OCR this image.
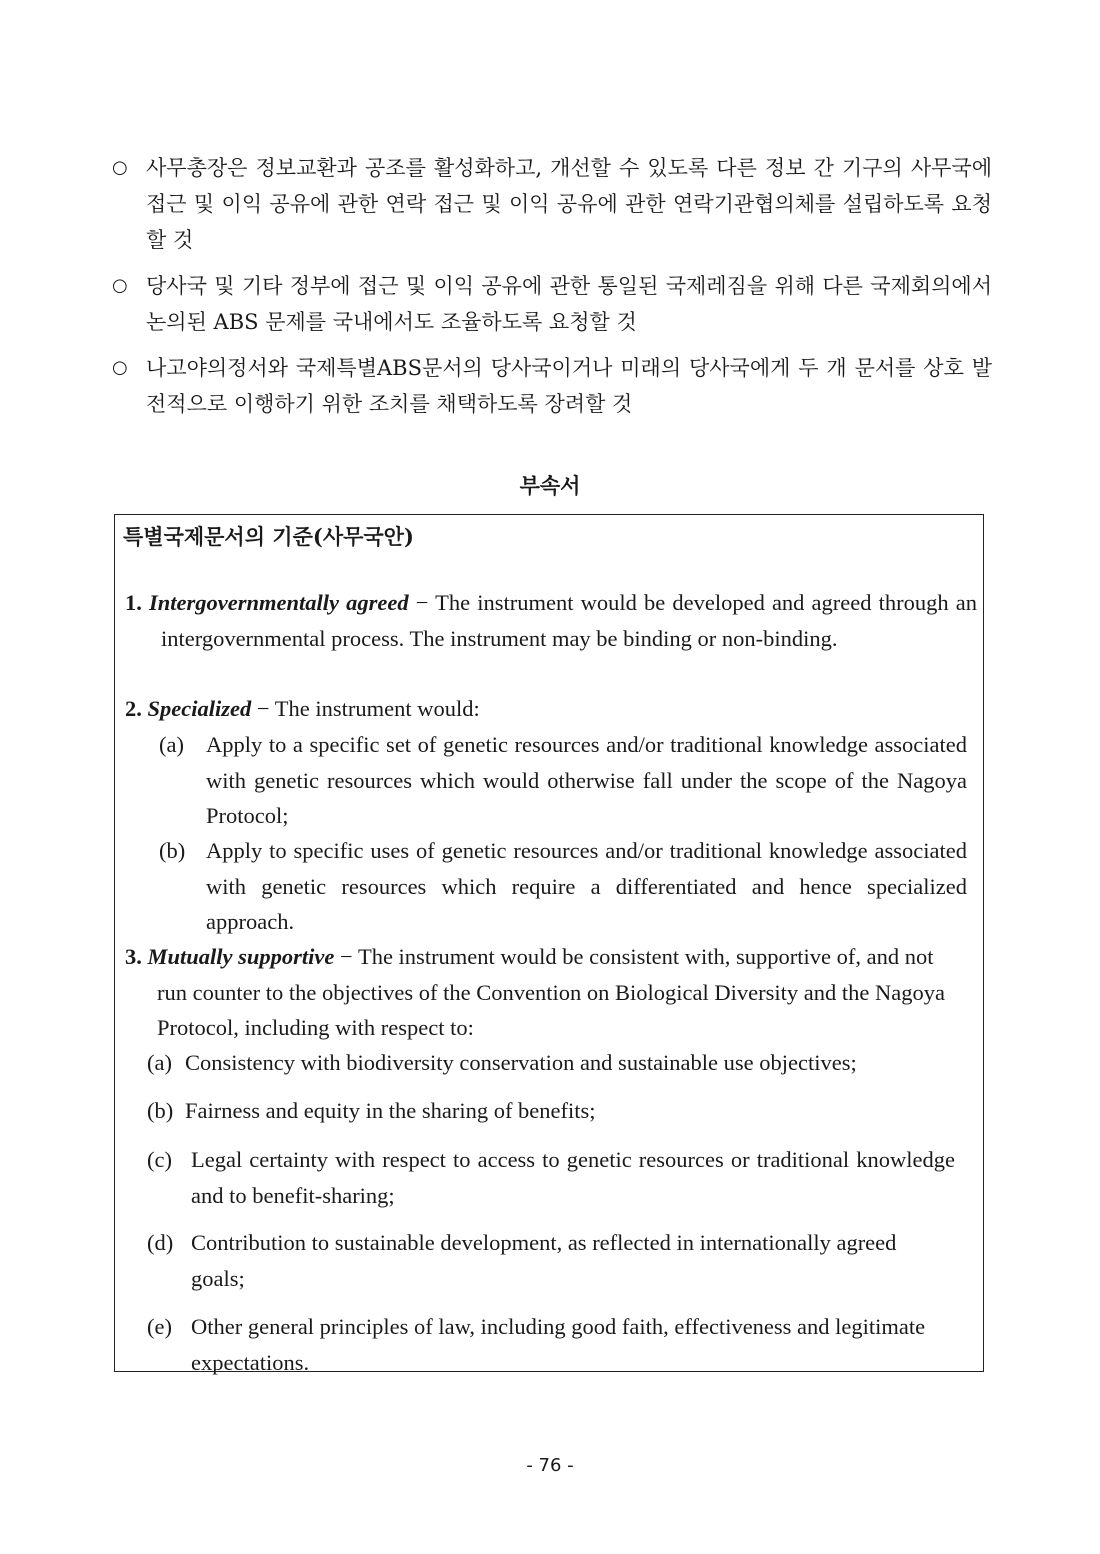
○ 사무총장은 정보교환과 공조를 활성화하고, 개선할 수 있도록 다른 정보 간 기구의 사무국에 접근 및 이익 공유에 관한 연락 접근 및 이익 공유에 관한 연락기관협의체를 설립하도록 요청할 것
○ 당사국 및 기타 정부에 접근 및 이익 공유에 관한 통일된 국제레짐을 위해 다른 국제회의에서 논의된 ABS 문제를 국내에서도 조율하도록 요청할 것
○ 나고야의정서와 국제특별ABS문서의 당사국이거나 미래의 당사국에게 두 개 문서를 상호 발전적으로 이행하기 위한 조치를 채택하도록 장려할 것
부속서
특별국제문서의 기준(사무국안)
1. Intergovernmentally agreed − The instrument would be developed and agreed through an intergovernmental process. The instrument may be binding or non-binding.
2. Specialized − The instrument would:
(a) Apply to a specific set of genetic resources and/or traditional knowledge associated with genetic resources which would otherwise fall under the scope of the Nagoya Protocol;
(b) Apply to specific uses of genetic resources and/or traditional knowledge associated with genetic resources which require a differentiated and hence specialized approach.
3. Mutually supportive − The instrument would be consistent with, supportive of, and not run counter to the objectives of the Convention on Biological Diversity and the Nagoya Protocol, including with respect to:
(a) Consistency with biodiversity conservation and sustainable use objectives;
(b) Fairness and equity in the sharing of benefits;
(c) Legal certainty with respect to access to genetic resources or traditional knowledge and to benefit-sharing;
(d) Contribution to sustainable development, as reflected in internationally agreed goals;
(e) Other general principles of law, including good faith, effectiveness and legitimate expectations.
- 76 -
